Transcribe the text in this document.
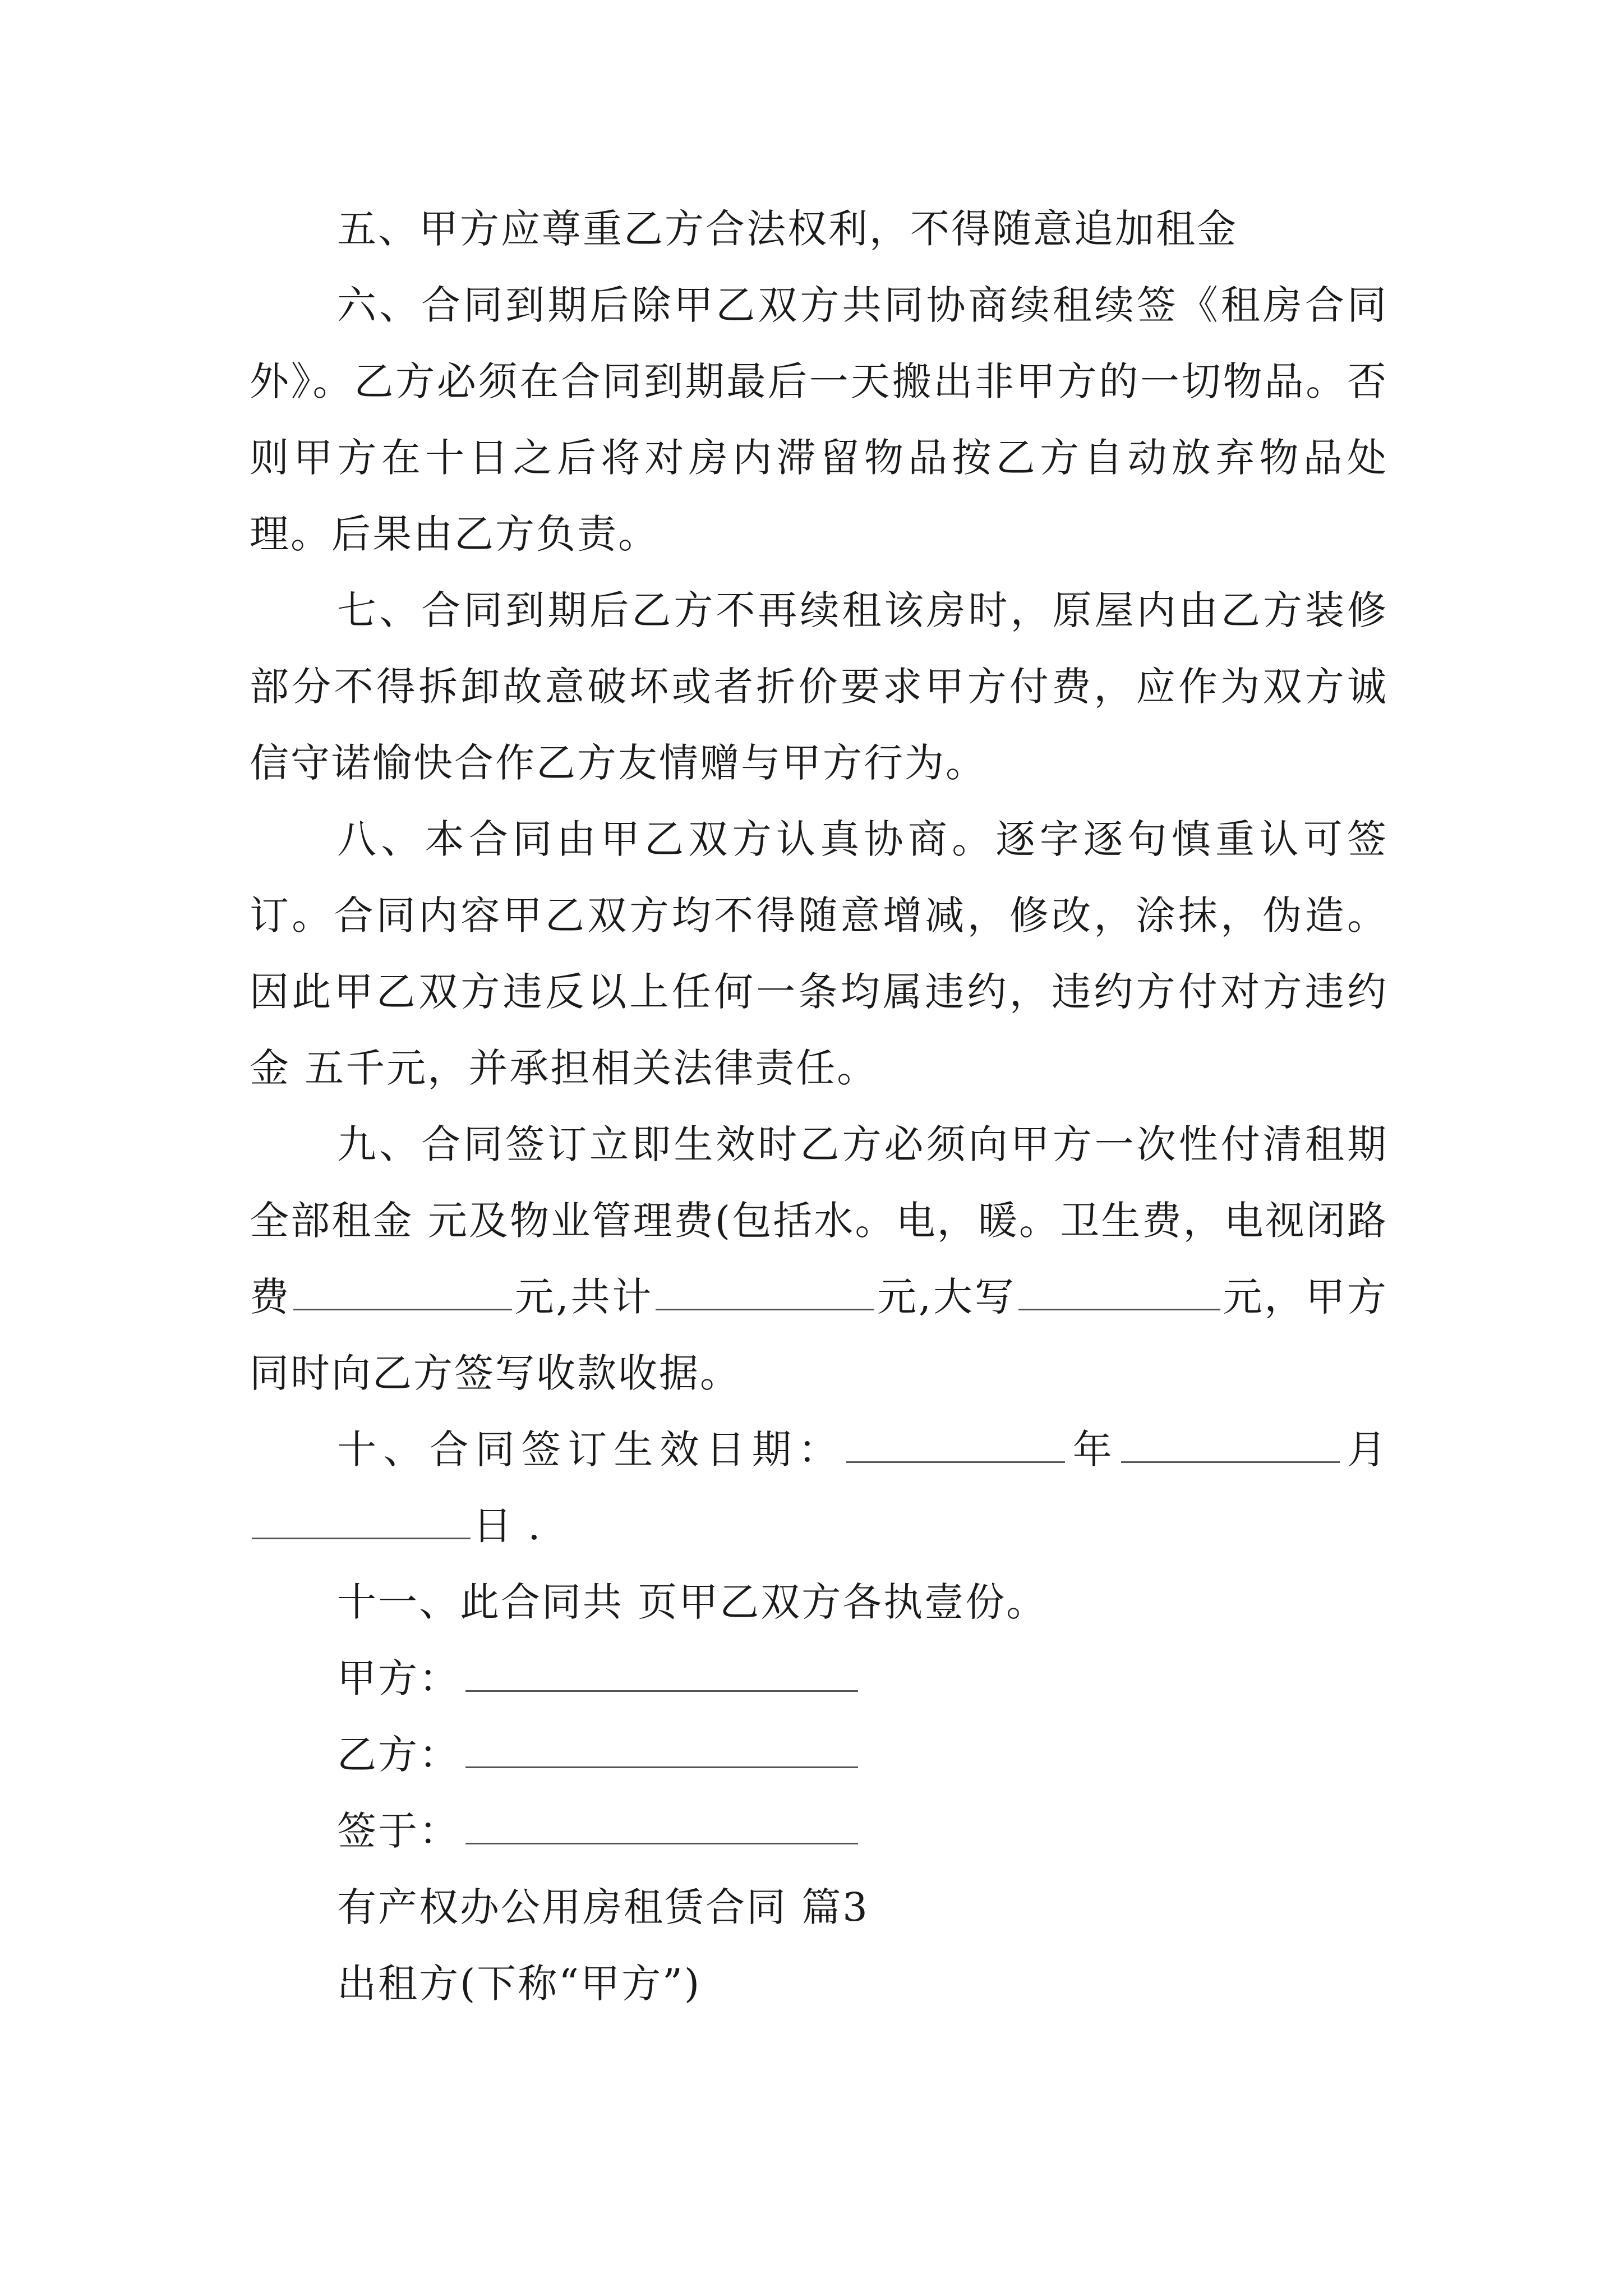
五、甲方应尊重乙方合法权利，不得随意追加租金

六、合同到期后除甲乙双方共同协商续租续签《租房合同外》。乙方必须在合同到期最后一天搬出非甲方的一切物品。否则甲方在十日之后将对房内滞留物品按乙方自动放弃物品处理。后果由乙方负责。

七、合同到期后乙方不再续租该房时，原屋内由乙方装修部分不得拆卸故意破坏或者折价要求甲方付费，应作为双方诚信守诺愉快合作乙方友情赠与甲方行为。

八、本合同由甲乙双方认真协商。逐字逐句慎重认可签订。合同内容甲乙双方均不得随意增减，修改，涂抹，伪造。因此甲乙双方违反以上任何一条均属违约，违约方付对方违约金 五千元，并承担相关法律责任。

九、合同签订立即生效时乙方必须向甲方一次性付清租期全部租金 元及物业管理费(包括水。电，暖。卫生费，电视闭路费	元,共计	元,大写	元，甲方同时向乙方签写收款收据。

十、合同签订生效日期：	年	月日 .

十一、此合同共 页甲乙双方各执壹份。

甲方：
乙方：
签于：
有产权办公用房租赁合同 篇3
出租方(下称“甲方”)
